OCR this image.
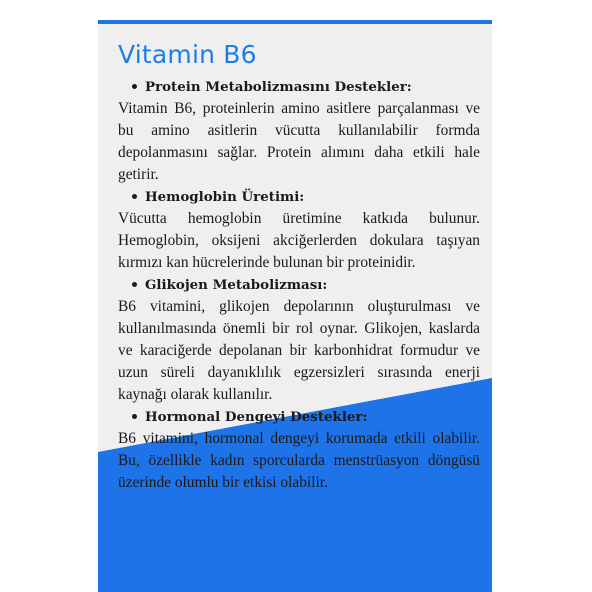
Vitamin B6
Protein Metabolizmasını Destekler:

Vitamin B6, proteinlerin amino asitlere parçalanması ve bu amino asitlerin vücutta kullanılabilir formda depolanmasını sağlar. Protein alımını daha etkili hale getirir.

Hemoglobin Üretimi:

Vücutta hemoglobin üretimine katkıda bulunur. Hemoglobin, oksijeni akciğerlerden dokulara taşıyan kırmızı kan hücrelerinde bulunan bir proteinidir.

Glikojen Metabolizması:

B6 vitamini, glikojen depolarının oluşturulması ve kullanılmasında önemli bir rol oynar. Glikojen, kaslarda ve karaciğerde depolanan bir karbonhidrat formudur ve uzun süreli dayanıklılık egzersizleri sırasında enerji kaynağı olarak kullanılır.

Hormonal Dengeyi Destekler:

B6 vitamini, hormonal dengeyi korumada etkili olabilir. Bu, özellikle kadın sporcularda menstrüasyon döngüsü üzerinde olumlu bir etkisi olabilir.
